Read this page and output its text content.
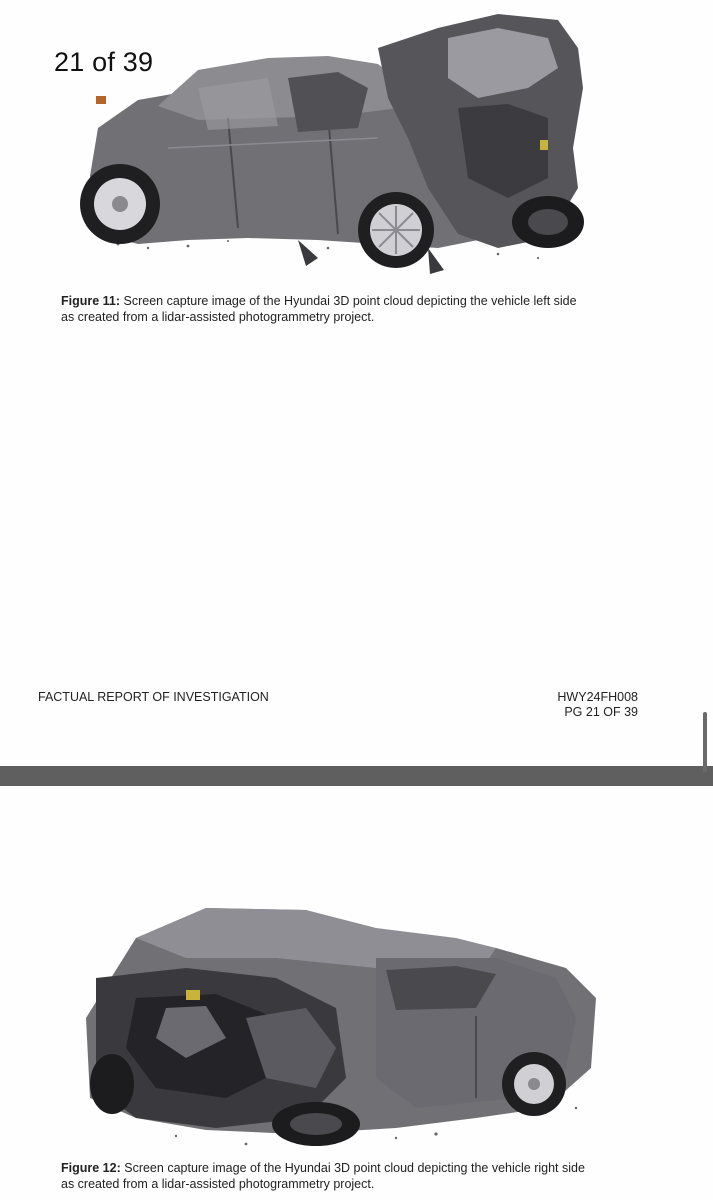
Figure 11: Screen capture image of the Hyundai 3D point cloud depicting the vehicle left side
as created from a lidar-assisted photogrammetry project.
FACTUAL REPORT OF INVESTIGATION	HWY24FH008
PG 21 OF 39
21 of 39
Figure 12: Screen capture image of the Hyundai 3D point cloud depicting the vehicle right side
as created from a lidar-assisted photogrammetry project.
